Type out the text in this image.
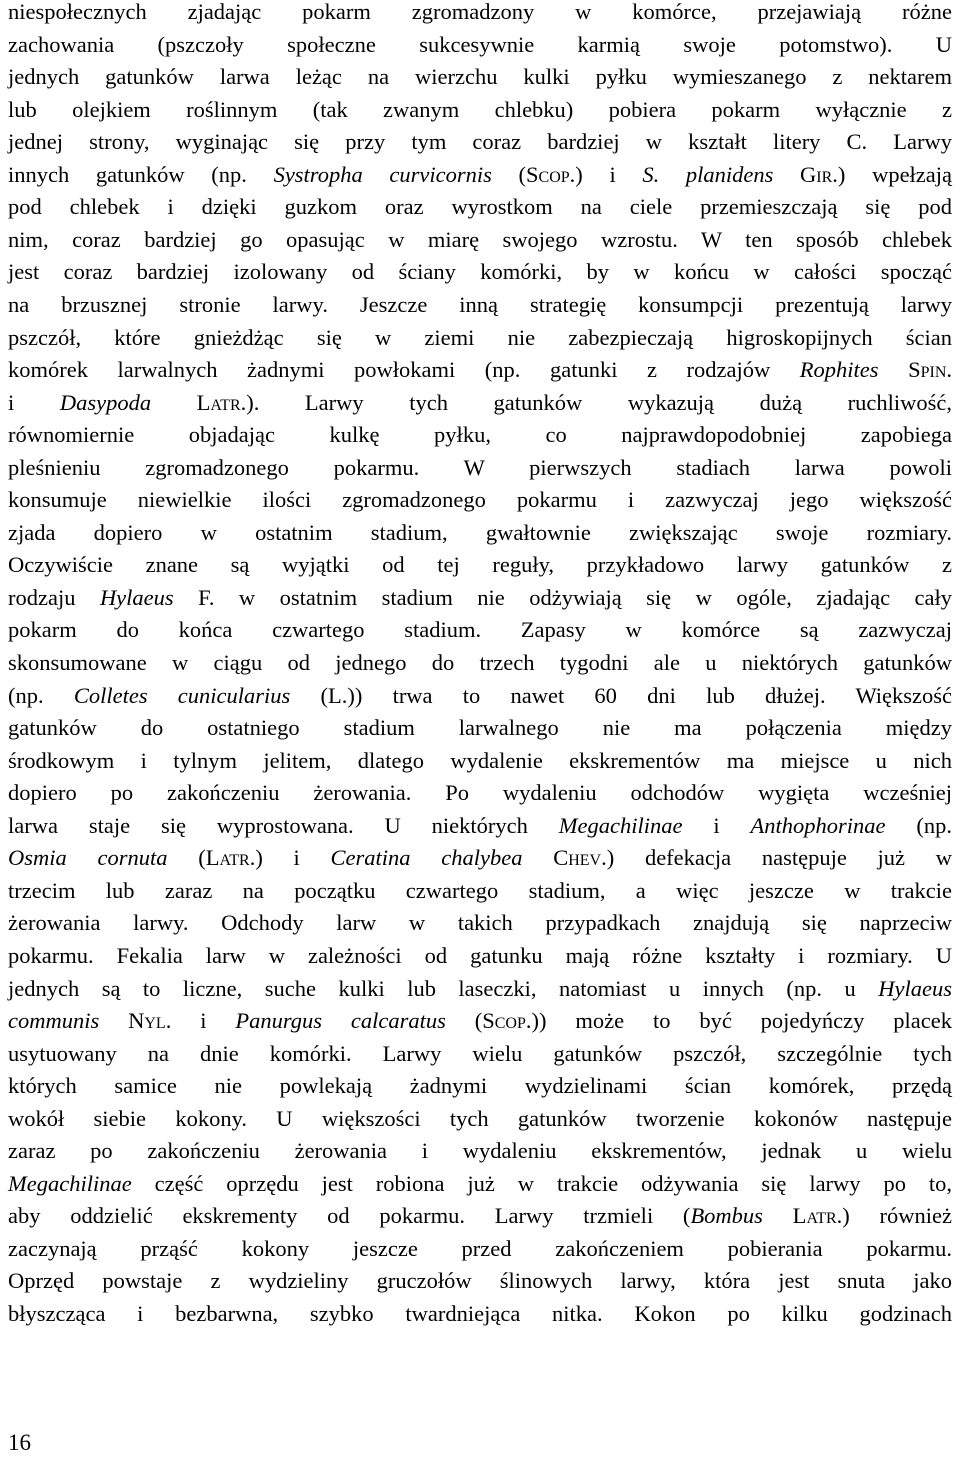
niespołecznych zjadając pokarm zgromadzony w komórce, przejawiają różne
zachowania (pszczoły społeczne sukcesywnie karmią swoje potomstwo). U
jednych gatunków larwa leżąc na wierzchu kulki pyłku wymieszanego z nektarem
lub olejkiem roślinnym (tak zwanym chlebku) pobiera pokarm wyłącznie z
jednej strony, wyginając się przy tym coraz bardziej w kształt litery C. Larwy
innych gatunków (np. Systropha curvicornis (Scop.) i S. planidens Gir.) wpełzają
pod chlebek i dzięki guzkom oraz wyrostkom na ciele przemieszczają się pod
nim, coraz bardziej go opasując w miarę swojego wzrostu. W ten sposób chlebek
jest coraz bardziej izolowany od ściany komórki, by w końcu w całości spocząć
na brzusznej stronie larwy. Jeszcze inną strategię konsumpcji prezentują larwy
pszczół, które gnieżdżąc się w ziemi nie zabezpieczają higroskopijnych ścian
komórek larwalnych żadnymi powłokami (np. gatunki z rodzajów Rophites Spin.
i Dasypoda Latr.). Larwy tych gatunków wykazują dużą ruchliwość,
równomiernie objadając kulkę pyłku, co najprawdopodobniej zapobiega
pleśnieniu zgromadzonego pokarmu. W pierwszych stadiach larwa powoli
konsumuje niewielkie ilości zgromadzonego pokarmu i zazwyczaj jego większość
zjada dopiero w ostatnim stadium, gwałtownie zwiększając swoje rozmiary.
Oczywiście znane są wyjątki od tej reguły, przykładowo larwy gatunków z
rodzaju Hylaeus F. w ostatnim stadium nie odżywiają się w ogóle, zjadając cały
pokarm do końca czwartego stadium. Zapasy w komórce są zazwyczaj
skonsumowane w ciągu od jednego do trzech tygodni ale u niektórych gatunków
(np. Colletes cunicularius (L.)) trwa to nawet 60 dni lub dłużej. Większość
gatunków do ostatniego stadium larwalnego nie ma połączenia między
środkowym i tylnym jelitem, dlatego wydalenie ekskrementów ma miejsce u nich
dopiero po zakończeniu żerowania. Po wydaleniu odchodów wygięta wcześniej
larwa staje się wyprostowana. U niektórych Megachilinae i Anthophorinae (np.
Osmia cornuta (Latr.) i Ceratina chalybea Chev.) defekacja następuje już w
trzecim lub zaraz na początku czwartego stadium, a więc jeszcze w trakcie
żerowania larwy. Odchody larw w takich przypadkach znajdują się naprzeciw
pokarmu. Fekalia larw w zależności od gatunku mają różne kształty i rozmiary. U
jednych są to liczne, suche kulki lub laseczki, natomiast u innych (np. u Hylaeus
communis Nyl. i Panurgus calcaratus (Scop.)) może to być pojedyńczy placek
usytuowany na dnie komórki. Larwy wielu gatunków pszczół, szczególnie tych
których samice nie powlekają żadnymi wydzielinami ścian komórek, przędą
wokół siebie kokony. U większości tych gatunków tworzenie kokonów następuje
zaraz po zakończeniu żerowania i wydaleniu ekskrementów, jednak u wielu
Megachilinae część oprzędu jest robiona już w trakcie odżywania się larwy po to,
aby oddzielić ekskrementy od pokarmu. Larwy trzmieli (Bombus Latr.) również
zaczynają prząść kokony jeszcze przed zakończeniem pobierania pokarmu.
Oprzęd powstaje z wydzieliny gruczołów ślinowych larwy, która jest snuta jako
błyszcząca i bezbarwna, szybko twardniejąca nitka. Kokon po kilku godzinach
16
